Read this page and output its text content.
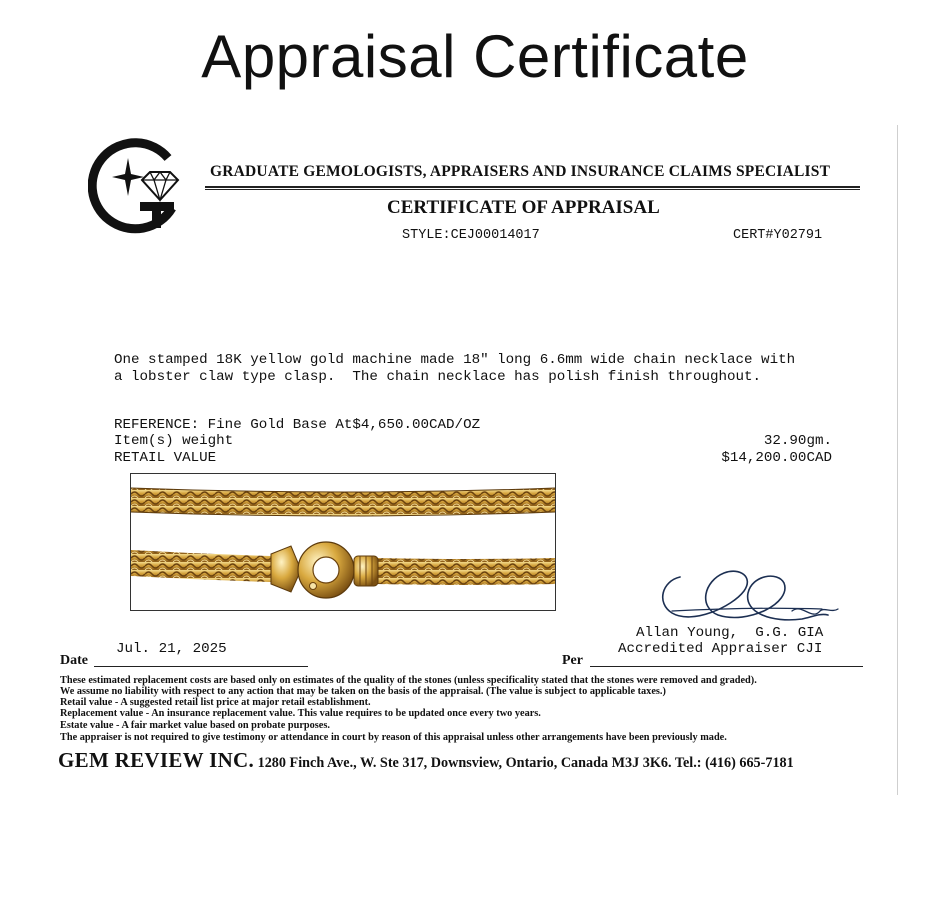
Appraisal Certificate
GRADUATE GEMOLOGISTS, APPRAISERS AND INSURANCE CLAIMS SPECIALIST
CERTIFICATE OF APPRAISAL
STYLE:CEJ00014017	CERT#Y02791
One stamped 18K yellow gold machine made 18" long 6.6mm wide chain necklace with
a lobster claw type clasp.  The chain necklace has polish finish throughout.
REFERENCE: Fine Gold Base At$4,650.00CAD/OZ
Item(s) weight	32.90gm.
RETAIL VALUE	$14,200.00CAD
Allan Young,  G.G. GIA
Accredited Appraiser CJI
Jul. 21, 2025
Date	Per
These estimated replacement costs are based only on estimates of the quality of the stones (unless specificality stated that the stones were removed and graded).
We assume no liability with respect to any action that may be taken on the basis of the appraisal. (The value is subject to applicable taxes.)
Retail value - A suggested retail list price at major retail establishment.
Replacement value - An insurance replacement value. This value requires to be updated once every two years.
Estate value - A fair market value based on probate purposes.
The appraiser is not required to give testimony or attendance in court by reason of this appraisal unless other arrangements have been previously made.
GEM REVIEW INC. 1280 Finch Ave., W. Ste 317, Downsview, Ontario, Canada M3J 3K6. Tel.: (416) 665-7181
